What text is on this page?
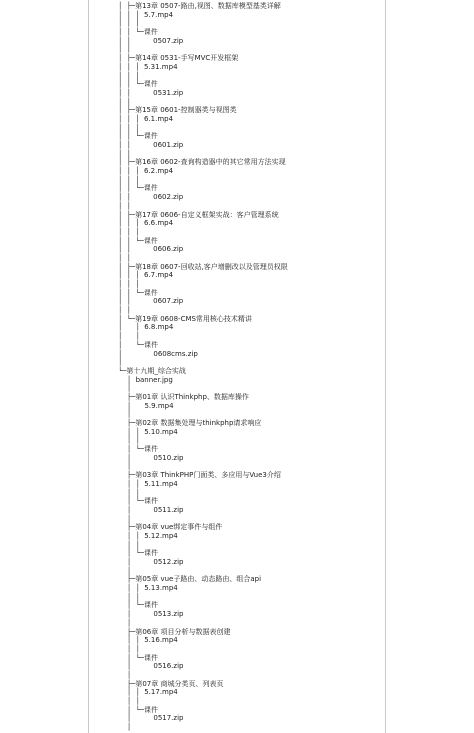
│  ├─第13章 0507-路由,视图、数据库模型基类详解
│  │  │  5.7.mp4
│  │  │
│  │  └─课件
│  │          0507.zip
│  │
│  ├─第14章 0531-手写MVC开发框架
│  │  │  5.31.mp4
│  │  │
│  │  └─课件
│  │          0531.zip
│  │
│  ├─第15章 0601-控制器类与视图类
│  │  │  6.1.mp4
│  │  │
│  │  └─课件
│  │          0601.zip
│  │
│  ├─第16章 0602-查询构造器中的其它常用方法实现
│  │  │  6.2.mp4
│  │  │
│  │  └─课件
│  │          0602.zip
│  │
│  ├─第17章 0606-自定义框架实战：客户管理系统
│  │  │  6.6.mp4
│  │  │
│  │  └─课件
│  │          0606.zip
│  │
│  ├─第18章 0607-回收站,客户增删改以及管理员权限
│  │  │  6.7.mp4
│  │  │
│  │  └─课件
│  │          0607.zip
│  │
│  └─第19章 0608-CMS常用核心技术精讲
│      │  6.8.mp4
│      │
│      └─课件
│              0608cms.zip
│
└─第十九期_综合实战
│  banner.jpg
│
├─第01章 认识Thinkphp、数据库操作
│      5.9.mp4
│
├─第02章 数据集处理与thinkphp请求响应
│  │  5.10.mp4
│  │
│  └─课件
│          0510.zip
│
├─第03章 ThinkPHP门面类、多应用与Vue3介绍
│  │  5.11.mp4
│  │
│  └─课件
│          0511.zip
│
├─第04章 vue绑定事件与组件
│  │  5.12.mp4
│  │
│  └─课件
│          0512.zip
│
├─第05章 vue子路由、动态路由、组合api
│  │  5.13.mp4
│  │
│  └─课件
│          0513.zip
│
├─第06章 项目分析与数据表创建
│  │  5.16.mp4
│  │
│  └─课件
│          0516.zip
│
├─第07章 商城分类页、列表页
│  │  5.17.mp4
│  │
│  └─课件
│          0517.zip
│
